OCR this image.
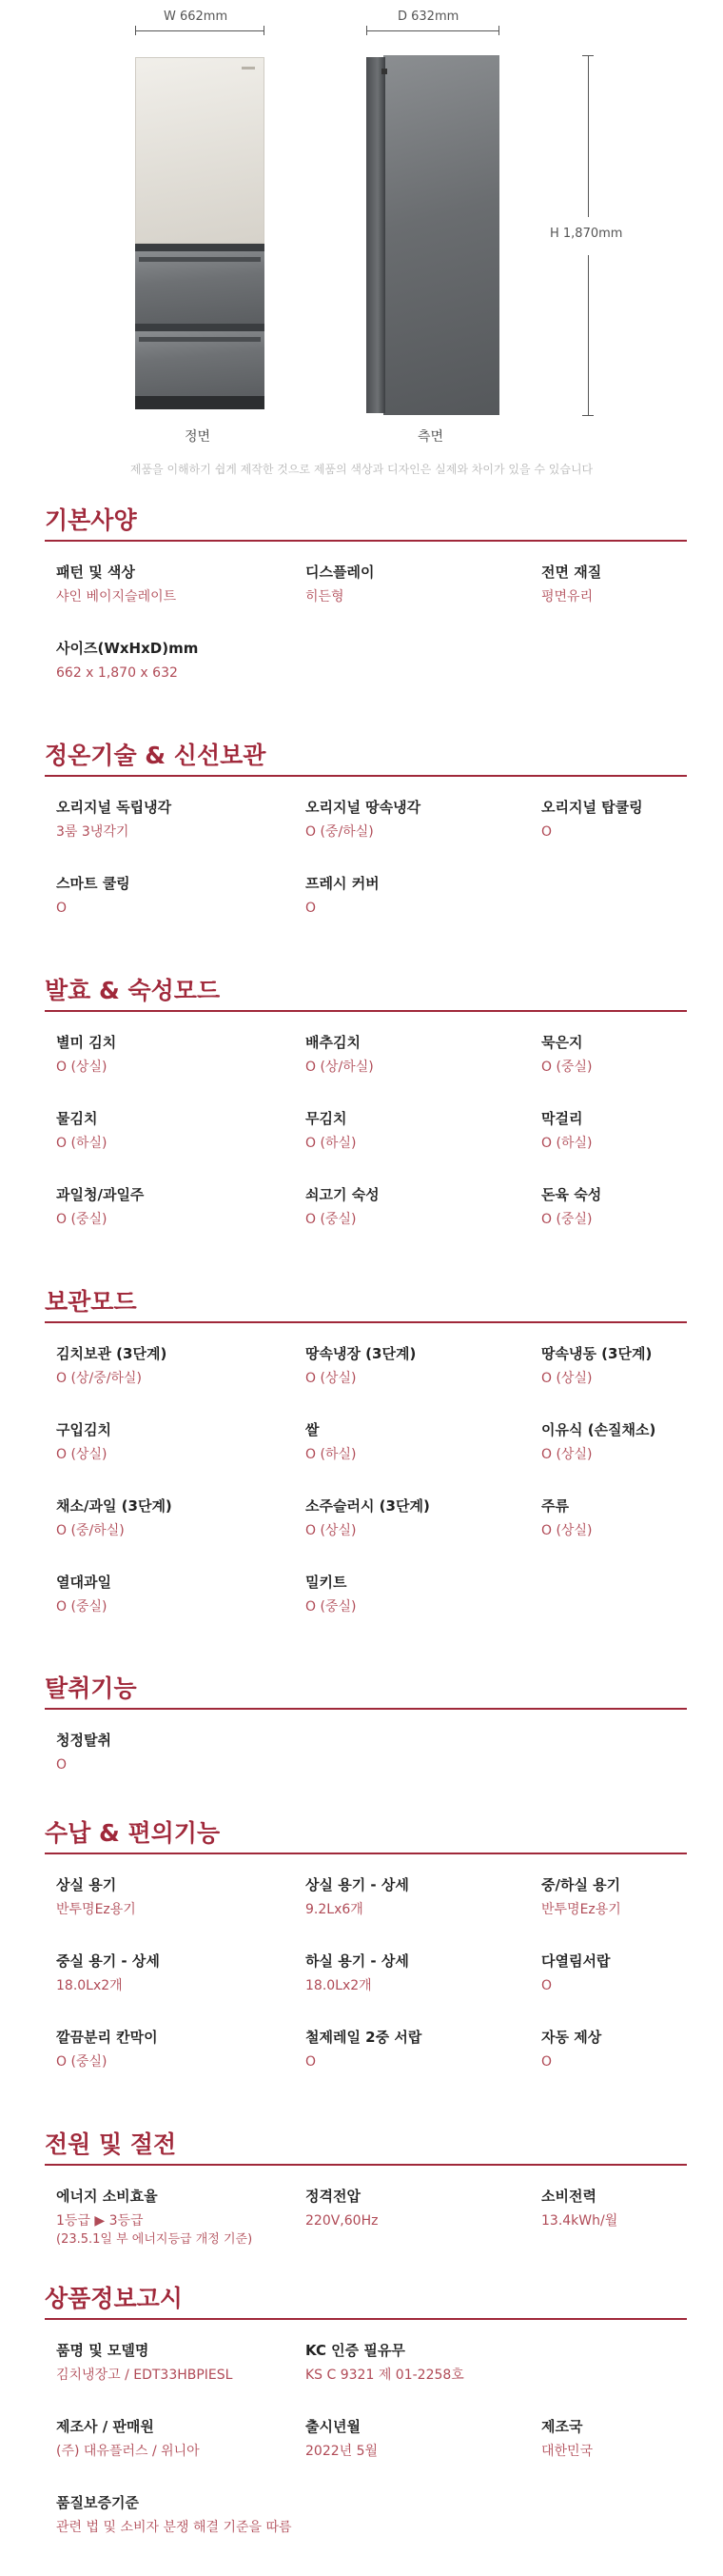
W 662mm	D 632mm
H 1,870mm
정면	측면
제품을 이해하기 쉽게 제작한 것으로 제품의 색상과 디자인은 실제와 차이가 있을 수 있습니다
기본사양
패턴 및 색상
샤인 베이지슬레이트
디스플레이
히든형
전면 재질
평면유리
사이즈(WxHxD)mm
662 x 1,870 x 632
정온기술 & 신선보관
오리지널 독립냉각
3룸 3냉각기
오리지널 땅속냉각
O (중/하실)
오리지널 탑쿨링
O
스마트 쿨링
O
프레시 커버
O
발효 & 숙성모드
별미 김치
O (상실)
배추김치
O (상/하실)
묵은지
O (중실)
물김치
O (하실)
무김치
O (하실)
막걸리
O (하실)
과일청/과일주
O (중실)
쇠고기 숙성
O (중실)
돈육 숙성
O (중실)
보관모드
김치보관 (3단계)
O (상/중/하실)
땅속냉장 (3단계)
O (상실)
땅속냉동 (3단계)
O (상실)
구입김치
O (상실)
쌀
O (하실)
이유식 (손질채소)
O (상실)
채소/과일 (3단계)
O (중/하실)
소주슬러시 (3단계)
O (상실)
주류
O (상실)
열대과일
O (중실)
밀키트
O (중실)
탈취기능
청정탈취
O
수납 & 편의기능
상실 용기
반투명Ez용기
상실 용기 - 상세
9.2Lx6개
중/하실 용기
반투명Ez용기
중실 용기 - 상세
18.0Lx2개
하실 용기 - 상세
18.0Lx2개
다열림서랍
O
깔끔분리 칸막이
O (중실)
철제레일 2중 서랍
O
자동 제상
O
전원 및 절전
에너지 소비효율
1등급 ▶ 3등급
(23.5.1일 부 에너지등급 개정 기준)
정격전압
220V,60Hz
소비전력
13.4kWh/월
상품정보고시
품명 및 모델명
김치냉장고 / EDT33HBPIESL
KC 인증 필유무
KS C 9321 제 01-2258호
제조사 / 판매원
(주) 대유플러스 / 위니아
출시년월
2022년 5월
제조국
대한민국
품질보증기준
관련 법 및 소비자 분쟁 해결 기준을 따름
